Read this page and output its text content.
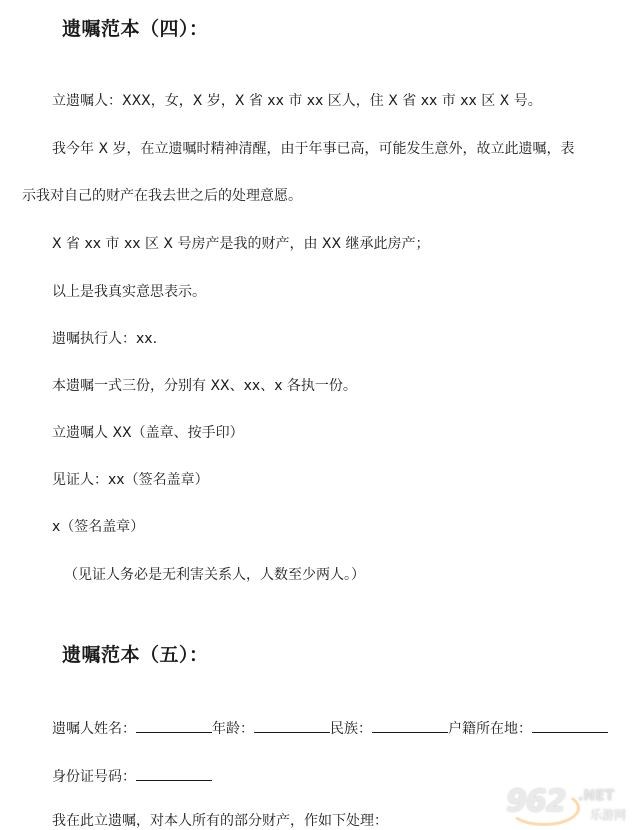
遗嘱范本（四）：

立遗嘱人：XXX，女，X 岁，X 省 xx 市 xx 区人，住 X 省 xx 市 xx 区 X 号。

我今年 X 岁，在立遗嘱时精神清醒，由于年事已高，可能发生意外，故立此遗嘱，表

示我对自己的财产在我去世之后的处理意愿。

X 省 xx 市 xx 区 X 号房产是我的财产，由 XX 继承此房产；

以上是我真实意思表示。

遗嘱执行人：xx.

本遗嘱一式三份，分别有 XX、xx、x 各执一份。

立遗嘱人 XX（盖章、按手印）

见证人：xx（签名盖章）

x（签名盖章）

（见证人务必是无利害关系人，人数至少两人。）

遗嘱范本（五）：
遗嘱人姓名：	年龄：	民族：	户籍所在地：
身份证号码：

我在此立遗嘱，对本人所有的部分财产，作如下处理：

962 .NET
乐游网
